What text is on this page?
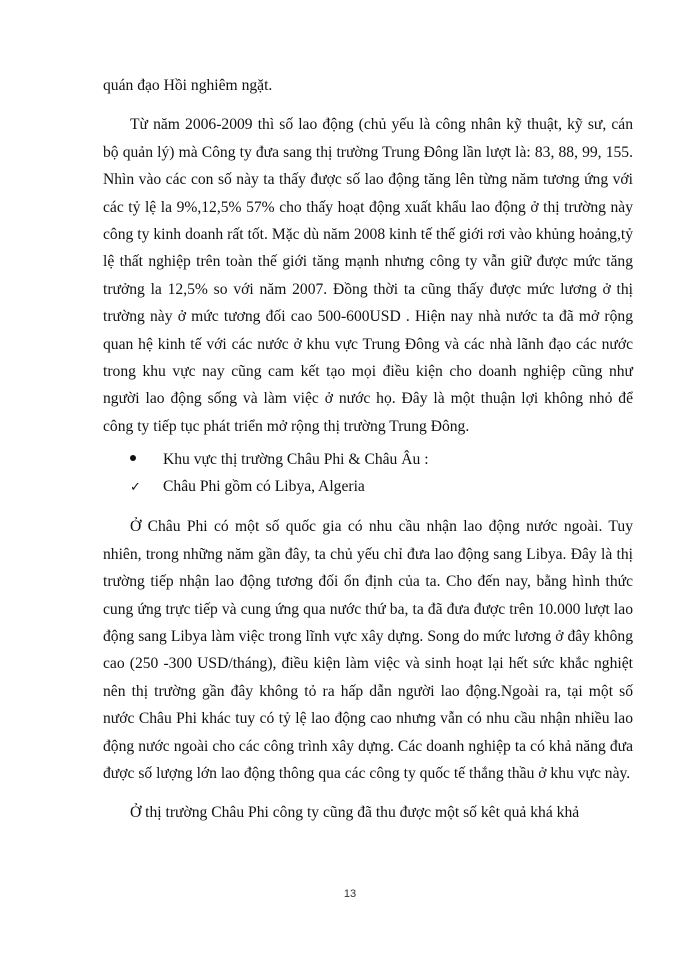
quán đạo Hồi nghiêm ngặt.

Từ năm 2006-2009 thì số lao động (chủ yếu là công nhân kỹ thuật, kỹ sư, cán bộ quản lý) mà Công ty đưa sang thị trường Trung Đông lần lượt là: 83, 88, 99, 155. Nhìn vào các con số này ta thấy được số lao động tăng lên từng năm tương ứng với các tỷ lệ la 9%,12,5% 57% cho thấy hoạt động xuất khẩu lao động ở thị trường này công ty kinh doanh rất tốt. Mặc dù năm 2008 kinh tế thế giới rơi vào khủng hoảng,tỷ lệ thất nghiệp trên toàn thế giới tăng mạnh nhưng công ty vẫn giữ được mức tăng trưởng la 12,5% so với năm 2007. Đồng thời ta cũng thấy được mức lương ở thị trường này ở mức tương đối cao 500-600USD . Hiện nay nhà nước ta đã mở rộng quan hệ kinh tế với các nước ở khu vực Trung Đông và các nhà lãnh đạo các nước trong khu vực nay cũng cam kết tạo mọi điều kiện cho doanh nghiệp cũng như người lao động sống và làm việc ở nước họ. Đây là một thuận lợi không nhỏ để công ty tiếp tục phát triển mở rộng thị trường Trung Đông.

Khu vực thị trường Châu Phi & Châu Âu :

✓	Châu Phi gồm có Libya, Algeria

Ở Châu Phi có một số quốc gia có nhu cầu nhận lao động nước ngoài. Tuy nhiên, trong những năm gần đây, ta chủ yếu chỉ đưa lao động sang Libya. Đây là thị trường tiếp nhận lao động tương đối ổn định của ta. Cho đến nay, bằng hình thức cung ứng trực tiếp và cung ứng qua nước thứ ba, ta đã đưa được trên 10.000 lượt lao động sang Libya làm việc trong lĩnh vực xây dựng. Song do mức lương ở đây không cao (250 -300 USD/tháng), điều kiện làm việc và sinh hoạt lại hết sức khắc nghiệt nên thị trường gần đây không tỏ ra hấp dẫn người lao động.Ngoài ra, tại một số nước Châu Phi khác tuy có tỷ lệ lao động cao nhưng vẫn có nhu cầu nhận nhiều lao động nước ngoài cho các công trình xây dựng. Các doanh nghiệp ta có khả năng đưa được số lượng lớn lao động thông qua các công ty quốc tế thắng thầu ở khu vực này.

Ở thị trường Châu Phi công ty cũng đã thu được một số kêt quả khá khả

13
